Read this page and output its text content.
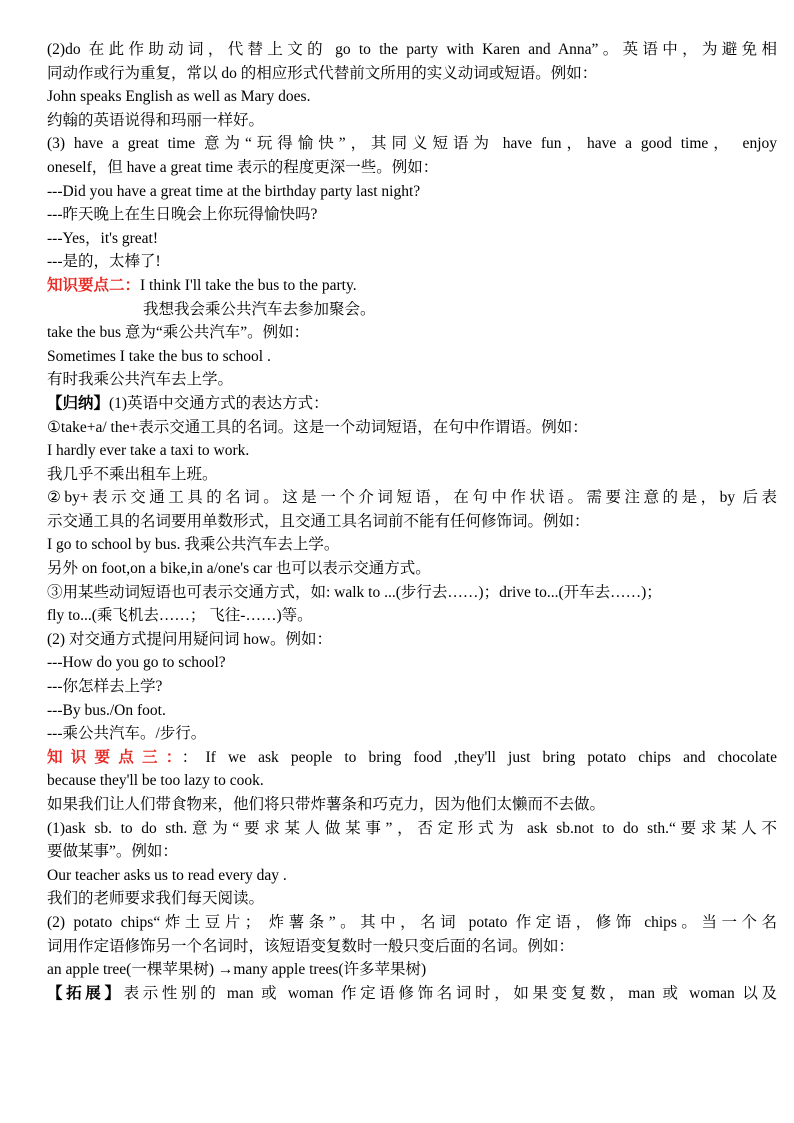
(2)do 在此作助动词，代替上文的 go to the party with Karen and Anna”。英语中，为避免相
同动作或行为重复，常以 do 的相应形式代替前文所用的实义动词或短语。例如：
John speaks English as well as Mary does.
约翰的英语说得和玛丽一样好。
(3) have a great time 意为“玩得愉快”，其同义短语为 have fun，have a good time， enjoy
oneself，但 have a great time 表示的程度更深一些。例如：
---Did you have a great time at the birthday party last night?
---昨天晚上在生日晚会上你玩得愉快吗?
---Yes，it's great!
---是的，太棒了!
知识要点二：I think I'll take the bus to the party.
我想我会乘公共汽车去参加聚会。
take the bus 意为“乘公共汽车”。例如：
Sometimes I take the bus to school .
有时我乘公共汽车去上学。
【归纳】(1)英语中交通方式的表达方式：
①take+a/ the+表示交通工具的名词。这是一个动词短语，在句中作谓语。例如：
I hardly ever take a taxi to work.
我几乎不乘出租车上班。
②by+表示交通工具的名词。这是一个介词短语，在句中作状语。需要注意的是，by 后表
示交通工具的名词要用单数形式，且交通工具名词前不能有任何修饰词。例如：
I go to school by bus. 我乘公共汽车去上学。
另外 on foot,on a bike,in a/one's car 也可以表示交通方式。
③用某些动词短语也可表示交通方式，如: walk to ...(步行去……)；drive to...(开车去……)；
fly to...(乘飞机去……； 飞往-……)等。
(2) 对交通方式提问用疑问词 how。例如：
---How do you go to school?
---你怎样去上学?
---By bus./On foot.
---乘公共汽车。/步行。
知识要点三：：If we ask people to bring food ,they'll just bring potato chips and chocolate
because they'll be too lazy to cook.
如果我们让人们带食物来，他们将只带炸薯条和巧克力，因为他们太懒而不去做。
(1)ask sb. to do sth.意为“要求某人做某事”，否定形式为 ask sb.not to do sth.“要求某人不
要做某事”。例如：
Our teacher asks us to read every day .
我们的老师要求我们每天阅读。
(2) potato chips“炸土豆片； 炸薯条”。其中，名词 potato 作定语，修饰 chips。当一个名
词用作定语修饰另一个名词时，该短语变复数时一般只变后面的名词。例如：
an apple tree(一棵苹果树) →many apple trees(许多苹果树)
【拓展】表示性别的 man 或 woman 作定语修饰名词时，如果变复数，man 或 woman 以及
